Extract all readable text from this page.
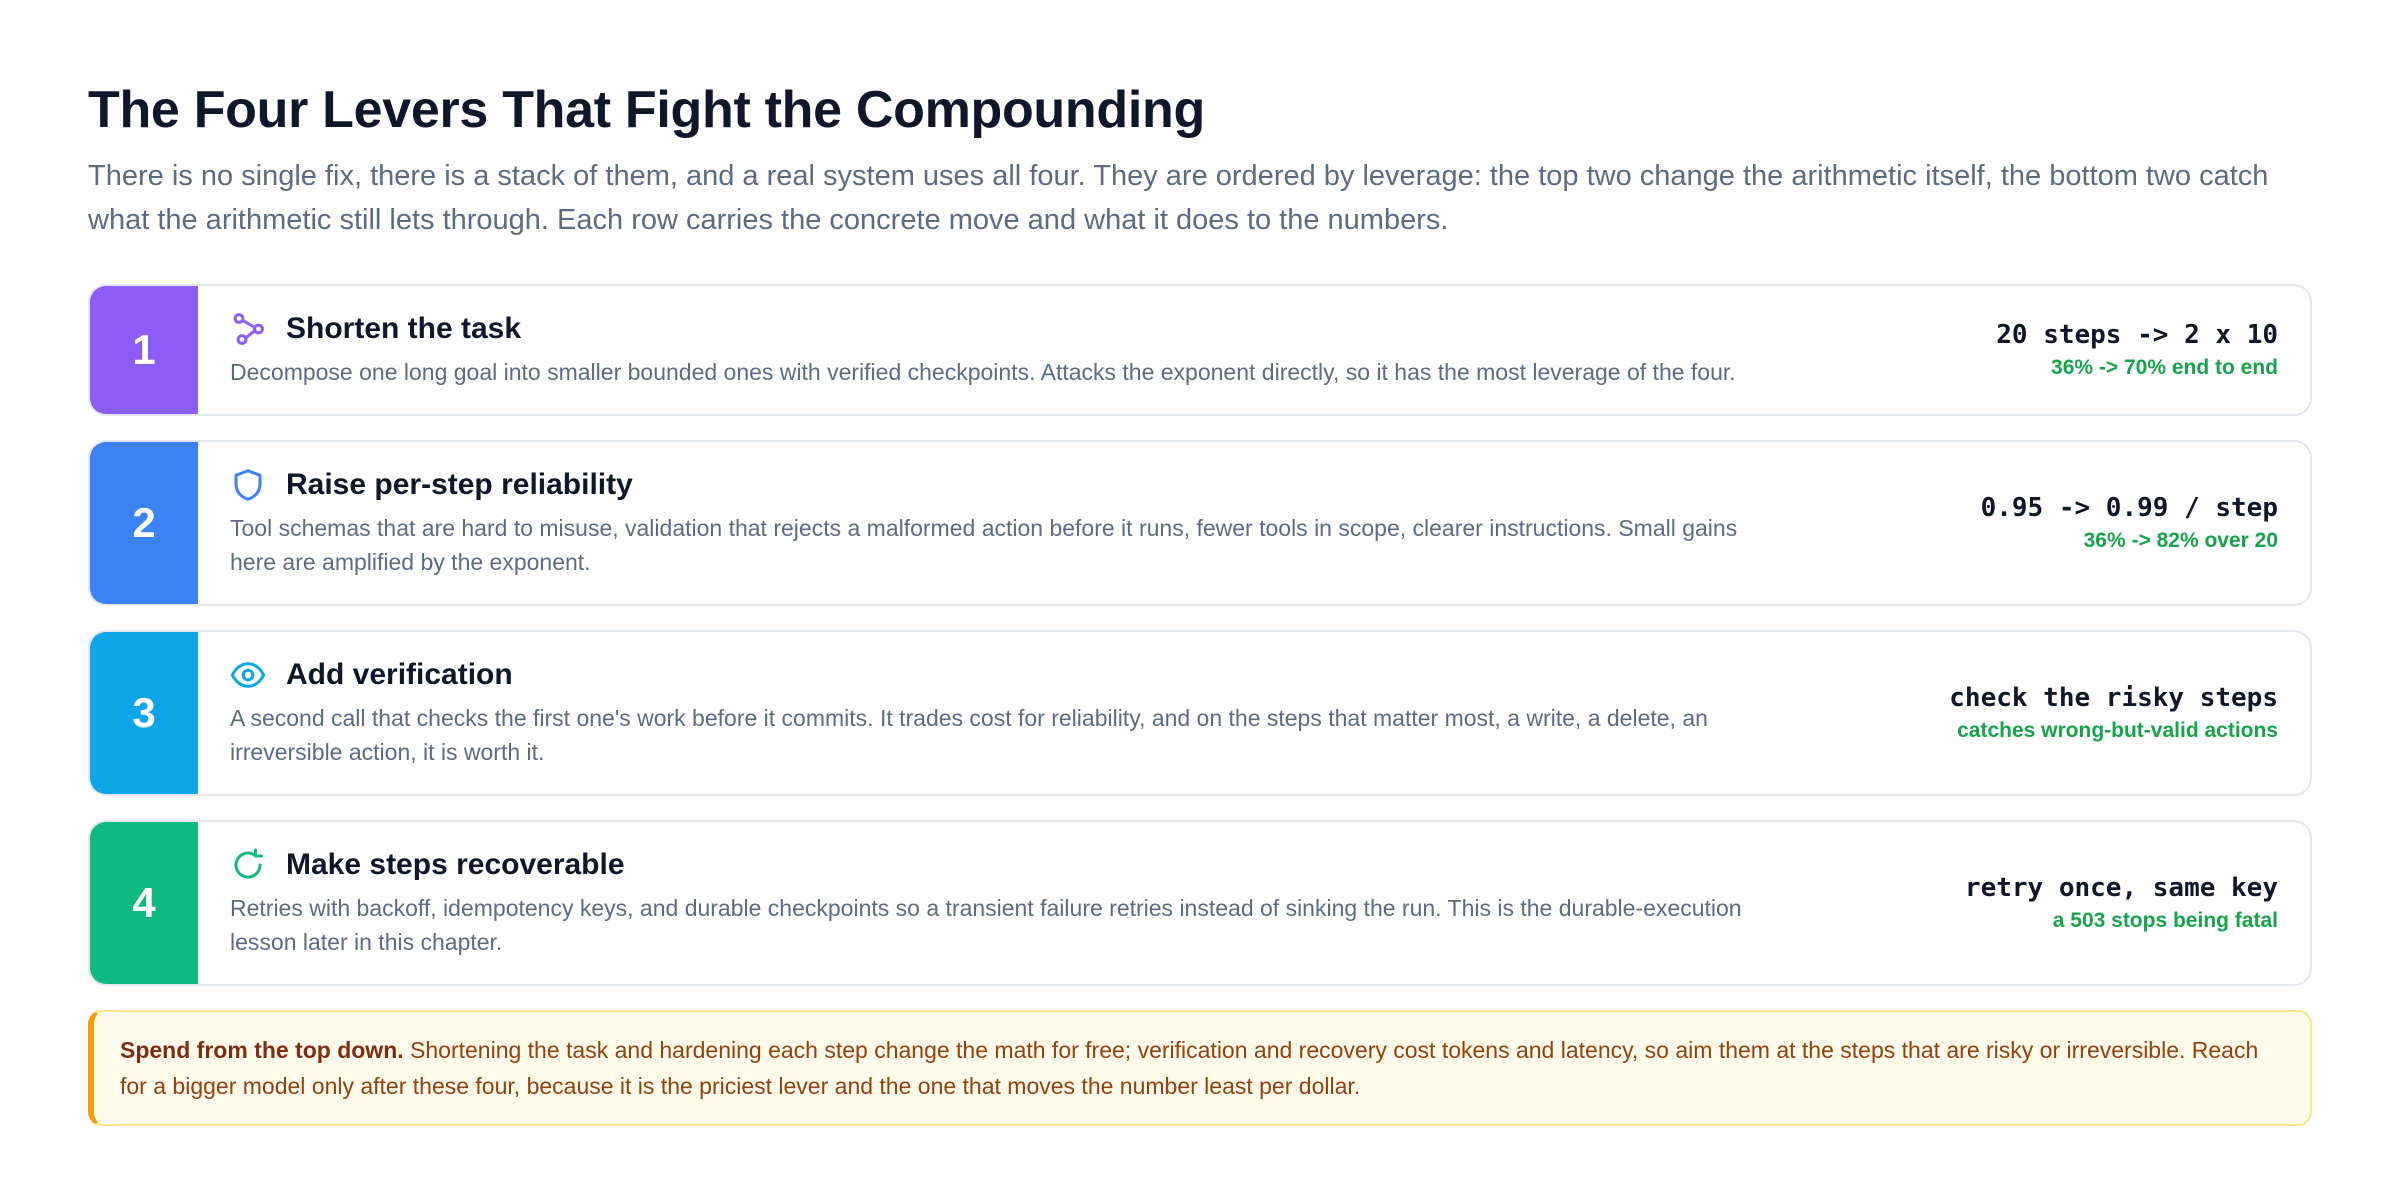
The Four Levers That Fight the Compounding

There is no single fix, there is a stack of them, and a real system uses all four. They are ordered by leverage: the top two change the arithmetic itself, the bottom two catch what the arithmetic still lets through. Each row carries the concrete move and what it does to the numbers.

1	Shorten the task

Decompose one long goal into smaller bounded ones with verified checkpoints. Attacks the exponent directly, so it has the most leverage of the four.

20 steps -> 2 x 10
36% -> 70% end to end
2
Raise per-step reliability

Tool schemas that are hard to misuse, validation that rejects a malformed action before it runs, fewer tools in scope, clearer instructions. Small gains here are amplified by the exponent.

0.95 -> 0.99 / step
36% -> 82% over 20
3
Add verification

A second call that checks the first one's work before it commits. It trades cost for reliability, and on the steps that matter most, a write, a delete, an irreversible action, it is worth it.

check the risky steps
catches wrong-but-valid actions
4
Make steps recoverable

Retries with backoff, idempotency keys, and durable checkpoints so a transient failure retries instead of sinking the run. This is the durable-execution lesson later in this chapter.

retry once, same key
a 503 stops being fatal
Spend from the top down. Shortening the task and hardening each step change the math for free; verification and recovery cost tokens and latency, so aim them at the steps that are risky or irreversible. Reach for a bigger model only after these four, because it is the priciest lever and the one that moves the number least per dollar.
